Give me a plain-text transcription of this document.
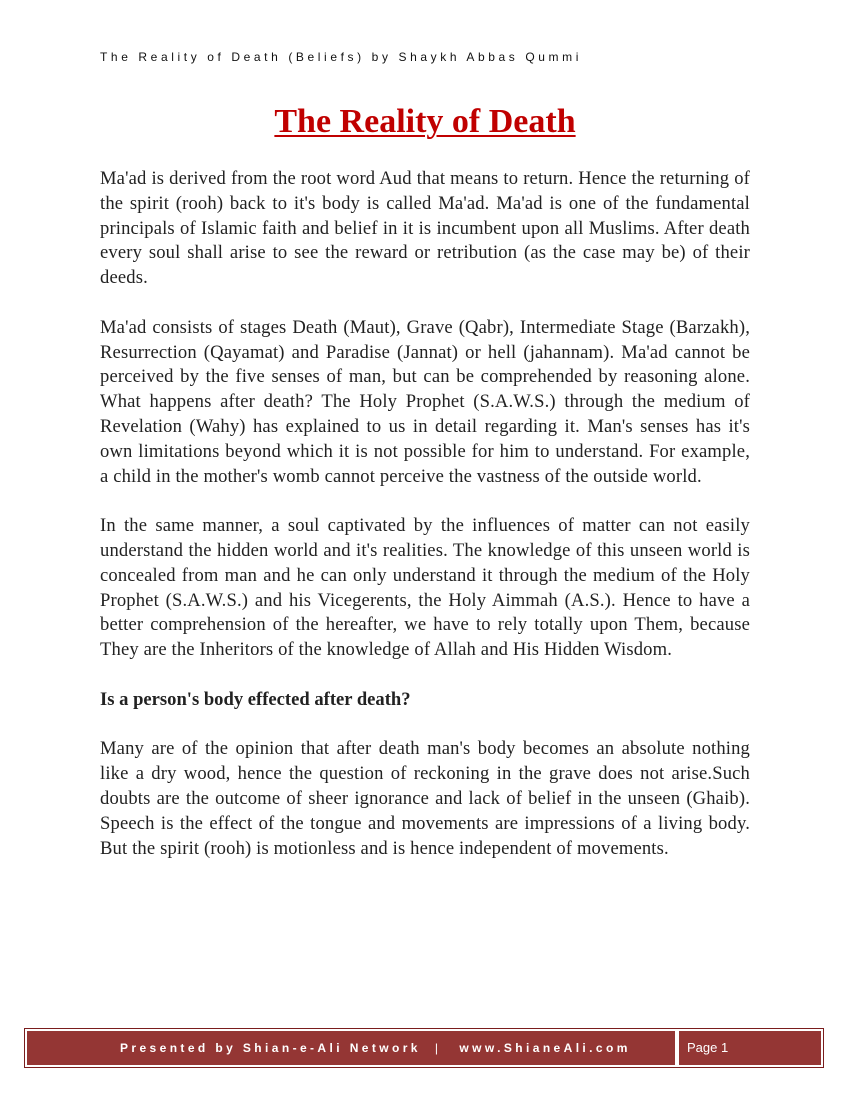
The Reality of Death (Beliefs) by Shaykh Abbas Qummi
The Reality of Death

Ma'ad is derived from the root word Aud that means to return. Hence the returning of the spirit (rooh) back to it's body is called Ma'ad. Ma'ad is one of the fundamental principals of Islamic faith and belief in it is incumbent upon all Muslims. After death every soul shall arise to see the reward or retribution (as the case may be) of their deeds.

Ma'ad consists of stages Death (Maut), Grave (Qabr), Intermediate Stage (Barzakh), Resurrection (Qayamat) and Paradise (Jannat) or hell (jahannam). Ma'ad cannot be perceived by the five senses of man, but can be comprehended by reasoning alone. What happens after death? The Holy Prophet (S.A.W.S.) through the medium of Revelation (Wahy) has explained to us in detail regarding it. Man's senses has it's own limitations beyond which it is not possible for him to understand. For example, a child in the mother's womb cannot perceive the vastness of the outside world.

In the same manner, a soul captivated by the influences of matter can not easily understand the hidden world and it's realities. The knowledge of this unseen world is concealed from man and he can only understand it through the medium of the Holy Prophet (S.A.W.S.) and his Vicegerents, the Holy Aimmah (A.S.). Hence to have a better comprehension of the hereafter, we have to rely totally upon Them, because They are the Inheritors of the knowledge of Allah and His Hidden Wisdom.

Is a person's body effected after death?

Many are of the opinion that after death man's body becomes an absolute nothing like a dry wood, hence the question of reckoning in the grave does not arise.Such doubts are the outcome of sheer ignorance and lack of belief in the unseen (Ghaib). Speech is the effect of the tongue and movements are impressions of a living body. But the spirit (rooh) is motionless and is hence independent of movements.

Presented by Shian-e-Ali Network | www.ShianeAli.com	Page 1
